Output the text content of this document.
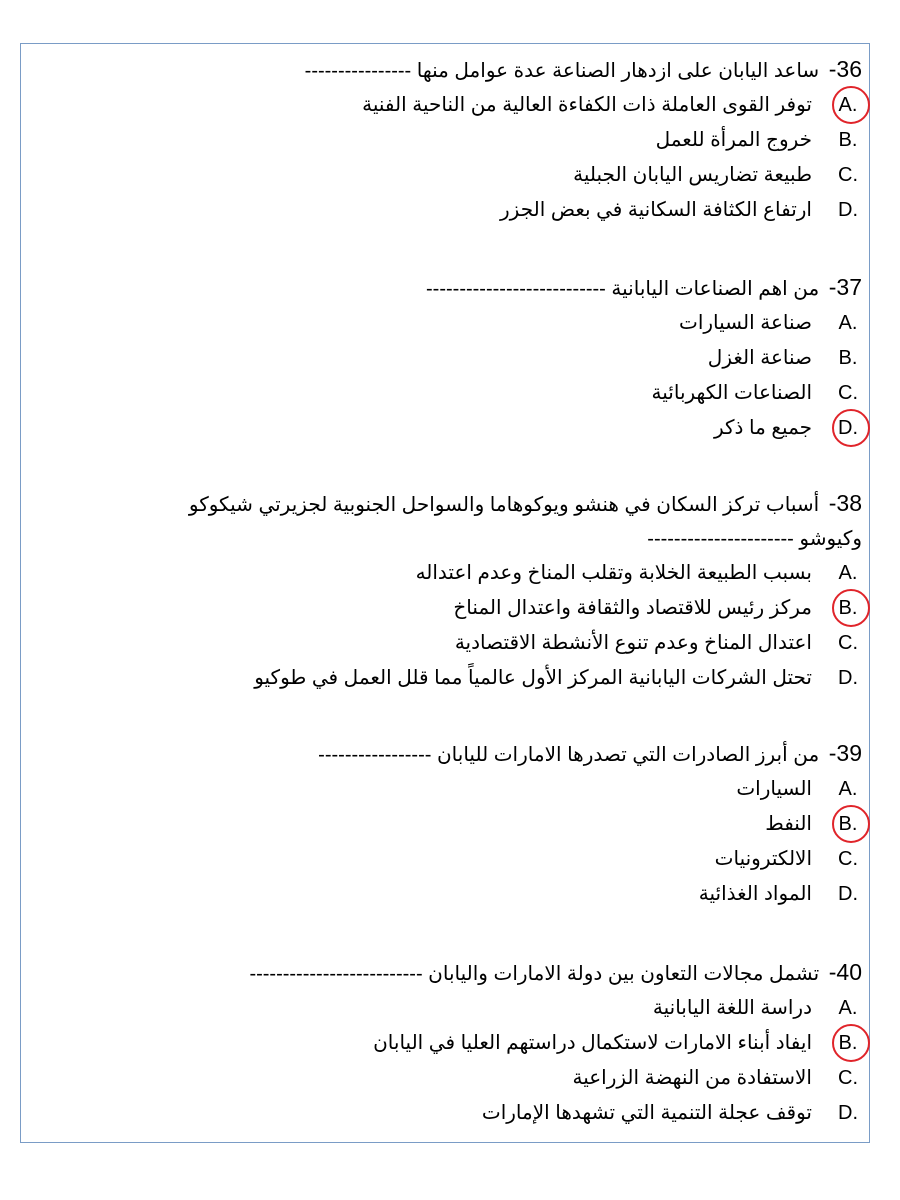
36- ساعد اليابان على ازدهار الصناعة عدة عوامل منها ----------------
A.
توفر القوى العاملة ذات الكفاءة العالية من الناحية الفنية
B.
خروج المرأة للعمل
C.
طبيعة تضاريس اليابان الجبلية
D.
ارتفاع الكثافة السكانية في بعض الجزر
37- من اهم الصناعات اليابانية ---------------------------
A.
صناعة السيارات
B.
صناعة الغزل
C.
الصناعات الكهربائية
D.
جميع ما ذكر
38- أسباب تركز السكان في هنشو ويوكوهاما والسواحل الجنوبية لجزيرتي شيكوكو
وكيوشو ----------------------
A.
بسبب الطبيعة الخلابة وتقلب المناخ وعدم اعتداله
B.
مركز رئيس للاقتصاد والثقافة واعتدال المناخ
C.
اعتدال المناخ وعدم تنوع الأنشطة الاقتصادية
D.
تحتل الشركات اليابانية المركز الأول عالمياً مما قلل العمل في طوكيو
39- من أبرز الصادرات التي تصدرها الامارات لليابان -----------------
A.
السيارات
B.
النفط
C.
الالكترونيات
D.
المواد الغذائية
40- تشمل مجالات التعاون بين دولة الامارات واليابان --------------------------
A.
دراسة اللغة اليابانية
B.
ايفاد أبناء الامارات لاستكمال دراستهم العليا في اليابان
C.
الاستفادة من النهضة الزراعية
D.
توقف عجلة التنمية التي تشهدها الإمارات
